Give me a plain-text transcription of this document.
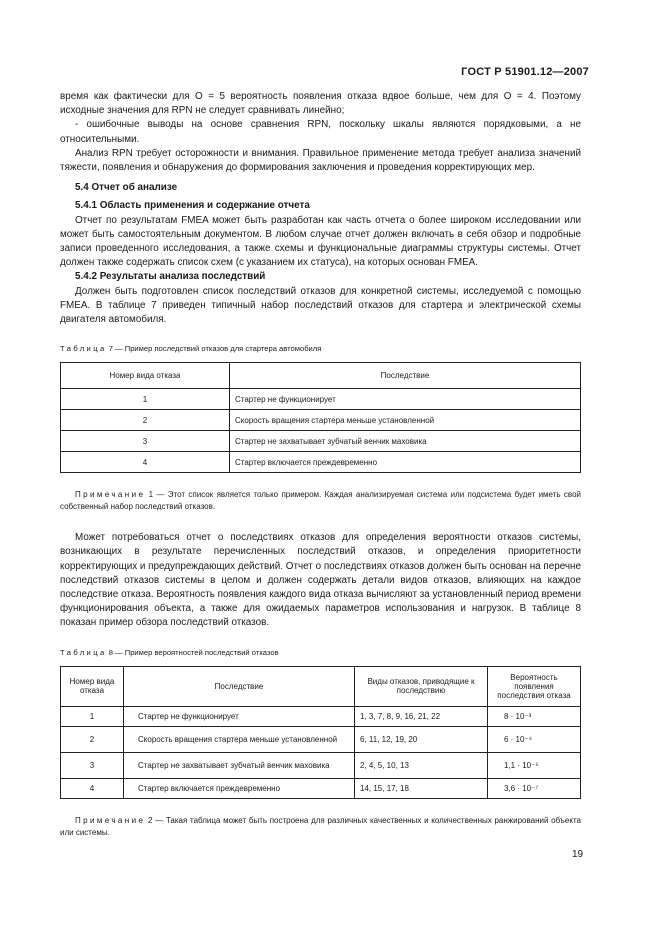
ГОСТ Р 51901.12—2007

время как фактически для O = 5 вероятность появления отказа вдвое больше, чем для O = 4. Поэтому исходные значения для RPN не следует сравнивать линейно;

- ошибочные выводы на основе сравнения RPN, поскольку шкалы являются порядковыми, а не относительными.

Анализ RPN требует осторожности и внимания. Правильное применение метода требует анализа значений тяжести, появления и обнаружения до формирования заключения и проведения корректирующих мер.

5.4 Отчет об анализе

5.4.1 Область применения и содержание отчета

Отчет по результатам FMEA может быть разработан как часть отчета о более широком исследовании или может быть самостоятельным документом. В любом случае отчет должен включать в себя обзор и подробные записи проведенного исследования, а также схемы и функциональные диаграммы структуры системы. Отчет должен также содержать список схем (с указанием их статуса), на которых основан FMEA.

5.4.2 Результаты анализа последствий

Должен быть подготовлен список последствий отказов для конкретной системы, исследуемой с помощью FMEA. В таблице 7 приведен типичный набор последствий отказов для стартера и электрической схемы двигателя автомобиля.

Таблица 7 — Пример последствий отказов для стартера автомобиля

Номер вида отказа	Последствие
1	Стартер не функционирует
2	Скорость вращения стартера меньше установленной
3	Стартер не захватывает зубчатый венчик маховика
4	Стартер включается преждевременно

Примечание 1 — Этот список является только примером. Каждая анализируемая система или подсистема будет иметь свой собственный набор последствий отказов.

Может потребоваться отчет о последствиях отказов для определения вероятности отказов системы, возникающих в результате перечисленных последствий отказов, и определения приоритетности корректирующих и предупреждающих действий. Отчет о последствиях отказов должен быть основан на перечне последствий отказов системы в целом и должен содержать детали видов отказов, влияющих на каждое последствие отказа. Вероятность появления каждого вида отказа вычисляют за установленный период времени функционирования объекта, а также для ожидаемых параметров использования и нагрузок. В таблице 8 показан пример обзора последствий отказов.

Таблица 8 — Пример вероятностей последствий отказов

Номер вида отказа	Последствие	Виды отказов, приводящие к последствию	Вероятность появления последствия отказа
1	Стартер не функционирует	1, 3, 7, 8, 9, 16, 21, 22	8 · 10⁻³
2	Скорость вращения стартера меньше установленной	6, 11, 12, 19, 20	6 · 10⁻⁴
3	Стартер не захватывает зубчатый венчик маховика	2, 4, 5, 10, 13	1,1 · 10⁻⁵
4	Стартер включается преждевременно	14, 15, 17, 18	3,6 · 10⁻⁷

Примечание 2 — Такая таблица может быть построена для различных качественных и количественных ранжирований объекта или системы.

19
